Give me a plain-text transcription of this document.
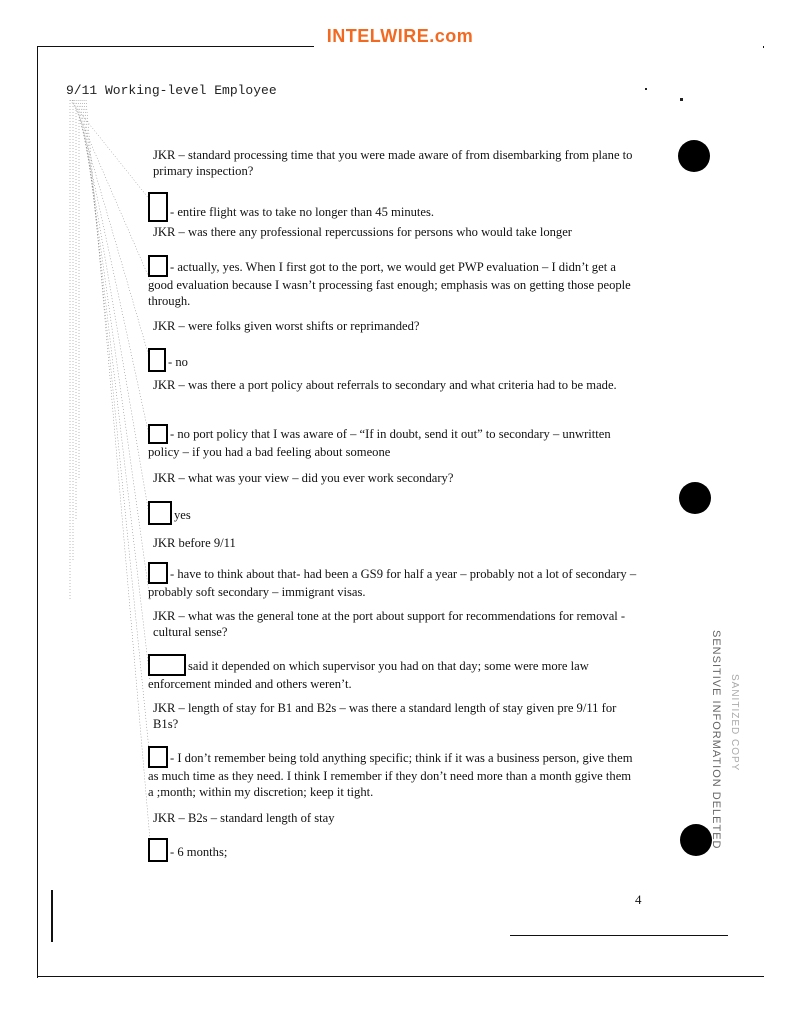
INTELWIRE.com
9/11 Working-level Employee
JKR – standard processing time that you were made aware of from disembarking from plane to primary inspection?
- entire flight was to take no longer than 45 minutes.
JKR – was there any professional repercussions for persons who would take longer
- actually, yes. When I first got to the port, we would get PWP evaluation – I didn’t get a good evaluation because I wasn’t processing fast enough; emphasis was on getting those people through.
JKR – were folks given worst shifts or reprimanded?
- no
JKR – was there a port policy about referrals to secondary and what criteria had to be made.
- no port policy that I was aware of – “If in doubt, send it out” to secondary – unwritten policy – if you had a bad feeling about someone
JKR – what was your view – did you ever work secondary?
yes
JKR before 9/11
- have to think about that- had been a GS9 for half a year – probably not a lot of secondary – probably soft secondary – immigrant visas.
JKR – what was the general tone at the port about support for recommendations for removal - cultural sense?
said it depended on which supervisor you had on that day; some were more law enforcement minded and others weren’t.
JKR – length of stay for B1 and B2s – was there a standard length of stay given pre 9/11 for B1s?
- I don’t remember being told anything specific; think if it was a business person, give them as much time as they need. I think I remember if they don’t need more than a month ggive them a ;month; within my discretion; keep it tight.
JKR – B2s – standard length of stay
- 6 months;
SENSITIVE INFORMATION DELETED SANITIZED COPY
4
